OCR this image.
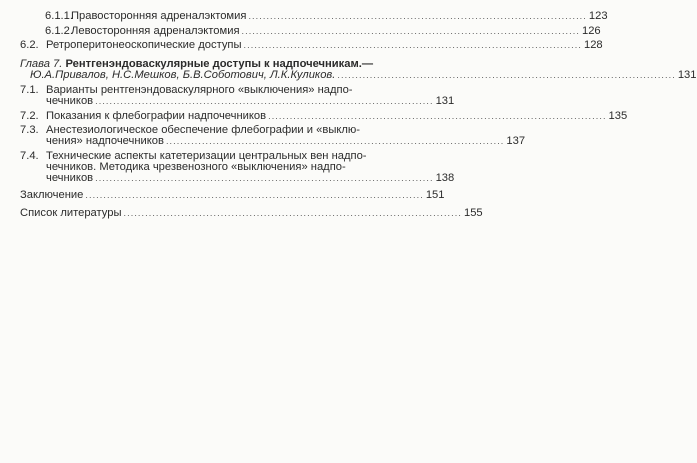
6.1.1.Правосторонняя адреналэктомия .............................................................................................. 123
6.1.2.Левосторонняя адреналэктомия .............................................................................................. 126
6.2. Ретроперитонеоскопические доступы .............................................................................................. 128
Глава 7. Рентгенэндоваскулярные доступы к надпочечникам.—
Ю.А.Привалов, Н.С.Мешков, Б.В.Соботович, Л.К.Куликов. .............................................................................................. 131
7.1. Варианты рентгенэндоваскулярного «выключения» надпо-
чечников .............................................................................................. 131
7.2. Показания к флебографии надпочечников .............................................................................................. 135
7.3. Анестезиологическое обеспечение флебографии и «выклю-
чения» надпочечников .............................................................................................. 137
7.4. Технические аспекты катетеризации центральных вен надпо-
чечников. Методика чрезвенозного «выключения» надпо-
чечников .............................................................................................. 138
Заключение .............................................................................................. 151
Список литературы .............................................................................................. 155
